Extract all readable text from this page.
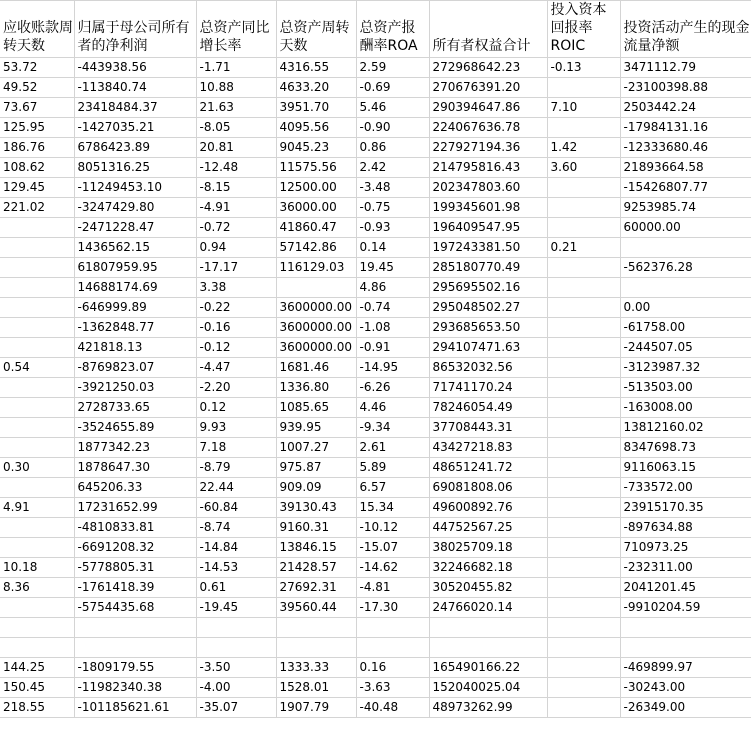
应收账款周转天数	归属于母公司所有者的净利润	总资产同比增长率	总资产周转天数	总资产报酬率ROA	所有者权益合计	投入资本回报率ROIC	投资活动产生的现金流量净额
53.72	-443938.56	-1.71	4316.55	2.59	272968642.23	-0.13	3471112.79
49.52	-113840.74	10.88	4633.20	-0.69	270676391.20		-23100398.88
73.67	23418484.37	21.63	3951.70	5.46	290394647.86	7.10	2503442.24
125.95	-1427035.21	-8.05	4095.56	-0.90	224067636.78		-17984131.16
186.76	6786423.89	20.81	9045.23	0.86	227927194.36	1.42	-12333680.46
108.62	8051316.25	-12.48	11575.56	2.42	214795816.43	3.60	21893664.58
129.45	-11249453.10	-8.15	12500.00	-3.48	202347803.60		-15426807.77
221.02	-3247429.80	-4.91	36000.00	-0.75	199345601.98		9253985.74
	-2471228.47	-0.72	41860.47	-0.93	196409547.95		60000.00
	1436562.15	0.94	57142.86	0.14	197243381.50	0.21	
	61807959.95	-17.17	116129.03	19.45	285180770.49		-562376.28
	14688174.69	3.38		4.86	295695502.16		
	-646999.89	-0.22	3600000.00	-0.74	295048502.27		0.00
	-1362848.77	-0.16	3600000.00	-1.08	293685653.50		-61758.00
	421818.13	-0.12	3600000.00	-0.91	294107471.63		-244507.05
0.54	-8769823.07	-4.47	1681.46	-14.95	86532032.56		-3123987.32
	-3921250.03	-2.20	1336.80	-6.26	71741170.24		-513503.00
	2728733.65	0.12	1085.65	4.46	78246054.49		-163008.00
	-3524655.89	9.93	939.95	-9.34	37708443.31		13812160.02
	1877342.23	7.18	1007.27	2.61	43427218.83		8347698.73
0.30	1878647.30	-8.79	975.87	5.89	48651241.72		9116063.15
	645206.33	22.44	909.09	6.57	69081808.06		-733572.00
4.91	17231652.99	-60.84	39130.43	15.34	49600892.76		23915170.35
	-4810833.81	-8.74	9160.31	-10.12	44752567.25		-897634.88
	-6691208.32	-14.84	13846.15	-15.07	38025709.18		710973.25
10.18	-5778805.31	-14.53	21428.57	-14.62	32246682.18		-232311.00
8.36	-1761418.39	0.61	27692.31	-4.81	30520455.82		2041201.45
	-5754435.68	-19.45	39560.44	-17.30	24766020.14		-9910204.59

144.25	-1809179.55	-3.50	1333.33	0.16	165490166.22		-469899.97
150.45	-11982340.38	-4.00	1528.01	-3.63	152040025.04		-30243.00
218.55	-101185621.61	-35.07	1907.79	-40.48	48973262.99		-26349.00
